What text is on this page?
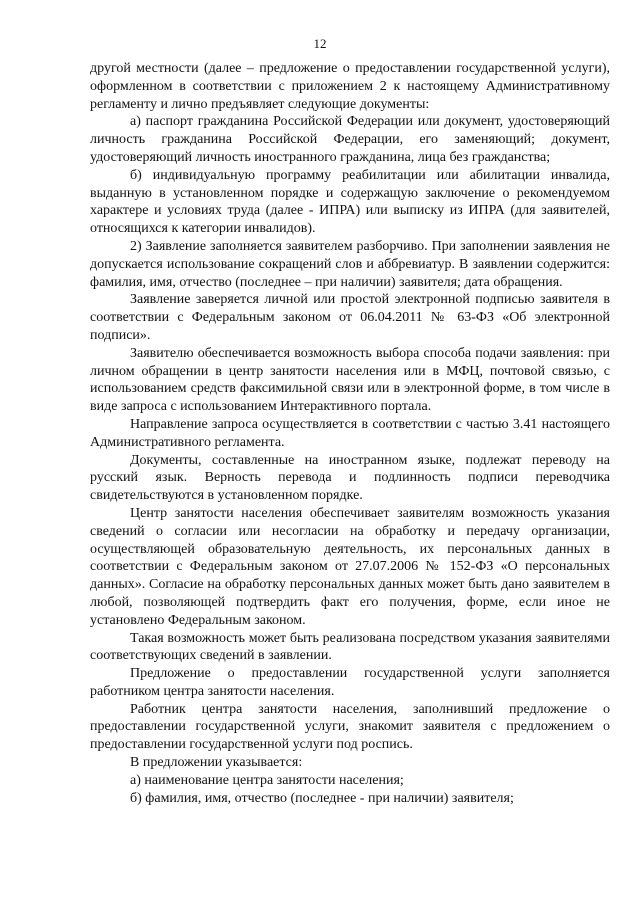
12

другой местности (далее – предложение о предоставлении государственной услуги), оформленном в соответствии с приложением 2 к настоящему Административному регламенту и лично предъявляет следующие документы:

а) паспорт гражданина Российской Федерации или документ, удостоверяющий личность гражданина Российской Федерации, его заменяющий; документ, удостоверяющий личность иностранного гражданина, лица без гражданства;

б) индивидуальную программу реабилитации или абилитации инвалида, выданную в установленном порядке и содержащую заключение о рекомендуемом характере и условиях труда (далее - ИПРА) или выписку из ИПРА (для заявителей, относящихся к категории инвалидов).

2) Заявление заполняется заявителем разборчиво. При заполнении заявления не допускается использование сокращений слов и аббревиатур. В заявлении содержится: фамилия, имя, отчество (последнее – при наличии) заявителя; дата обращения.

Заявление заверяется личной или простой электронной подписью заявителя в соответствии с Федеральным законом от 06.04.2011 № 63-ФЗ «Об электронной подписи».

Заявителю обеспечивается возможность выбора способа подачи заявления: при личном обращении в центр занятости населения или в МФЦ, почтовой связью, с использованием средств факсимильной связи или в электронной форме, в том числе в виде запроса с использованием Интерактивного портала.

Направление запроса осуществляется в соответствии с частью 3.41 настоящего Административного регламента.

Документы, составленные на иностранном языке, подлежат переводу на русский язык. Верность перевода и подлинность подписи переводчика свидетельствуются в установленном порядке.

Центр занятости населения обеспечивает заявителям возможность указания сведений о согласии или несогласии на обработку и передачу организации, осуществляющей образовательную деятельность, их персональных данных в соответствии с Федеральным законом от 27.07.2006 № 152-ФЗ «О персональных данных». Согласие на обработку персональных данных может быть дано заявителем в любой, позволяющей подтвердить факт его получения, форме, если иное не установлено Федеральным законом.

Такая возможность может быть реализована посредством указания заявителями соответствующих сведений в заявлении.

Предложение о предоставлении государственной услуги заполняется работником центра занятости населения.

Работник центра занятости населения, заполнивший предложение о предоставлении государственной услуги, знакомит заявителя с предложением о предоставлении государственной услуги под роспись.

В предложении указывается:

а) наименование центра занятости населения;

б) фамилия, имя, отчество (последнее - при наличии) заявителя;
